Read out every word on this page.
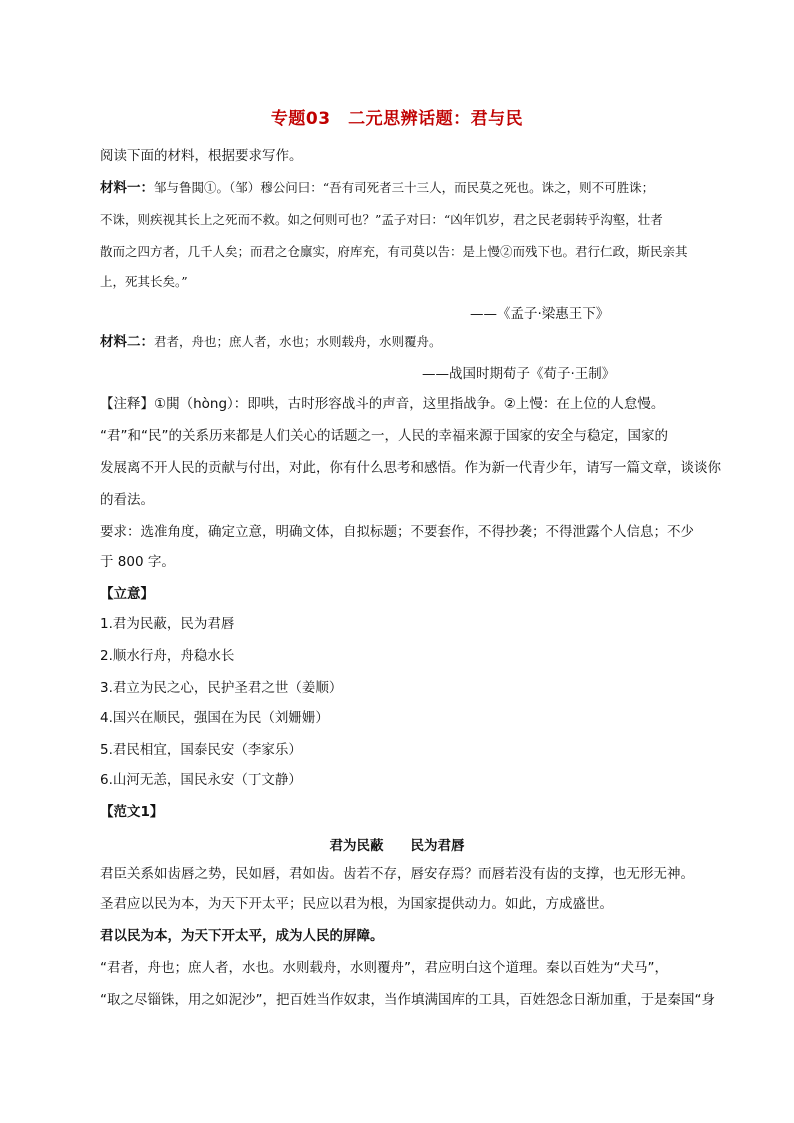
专题03　二元思辨话题：君与民
阅读下面的材料，根据要求写作。
材料一：邹与鲁閧①。（邹）穆公问曰：“吾有司死者三十三人，而民莫之死也。诛之，则不可胜诛；
不诛，则疾视其长上之死而不救。如之何则可也？”孟子对曰：“凶年饥岁，君之民老弱转乎沟壑，壮者
散而之四方者，几千人矣；而君之仓廪实，府库充，有司莫以告：是上慢②而残下也。君行仁政，斯民亲其
上，死其长矣。”
——《孟子·梁惠王下》
材料二：君者，舟也；庶人者，水也；水则载舟，水则覆舟。
——战国时期荀子《荀子·王制》
【注释】①閧（hòng）：即哄，古时形容战斗的声音，这里指战争。②上慢：在上位的人怠慢。
“君”和“民”的关系历来都是人们关心的话题之一，人民的幸福来源于国家的安全与稳定，国家的
发展离不开人民的贡献与付出，对此，你有什么思考和感悟。作为新一代青少年，请写一篇文章，谈谈你
的看法。
要求：选准角度，确定立意，明确文体，自拟标题；不要套作，不得抄袭；不得泄露个人信息；不少
于 800 字。
【立意】
1.君为民蔽，民为君唇
2.顺水行舟，舟稳水长
3.君立为民之心，民护圣君之世（姜顺）
4.国兴在顺民，强国在为民（刘姗姗）
5.君民相宜，国泰民安（李家乐）
6.山河无恙，国民永安（丁文静）
【范文1】
君为民蔽　　民为君唇
君臣关系如齿唇之势，民如唇，君如齿。齿若不存，唇安存焉？而唇若没有齿的支撑，也无形无神。
圣君应以民为本，为天下开太平；民应以君为根，为国家提供动力。如此，方成盛世。
君以民为本，为天下开太平，成为人民的屏障。
“君者，舟也；庶人者，水也。水则载舟，水则覆舟”，君应明白这个道理。秦以百姓为“犬马”，
“取之尽锱铢，用之如泥沙”，把百姓当作奴隶，当作填满国库的工具，百姓怨念日渐加重，于是秦国“身
